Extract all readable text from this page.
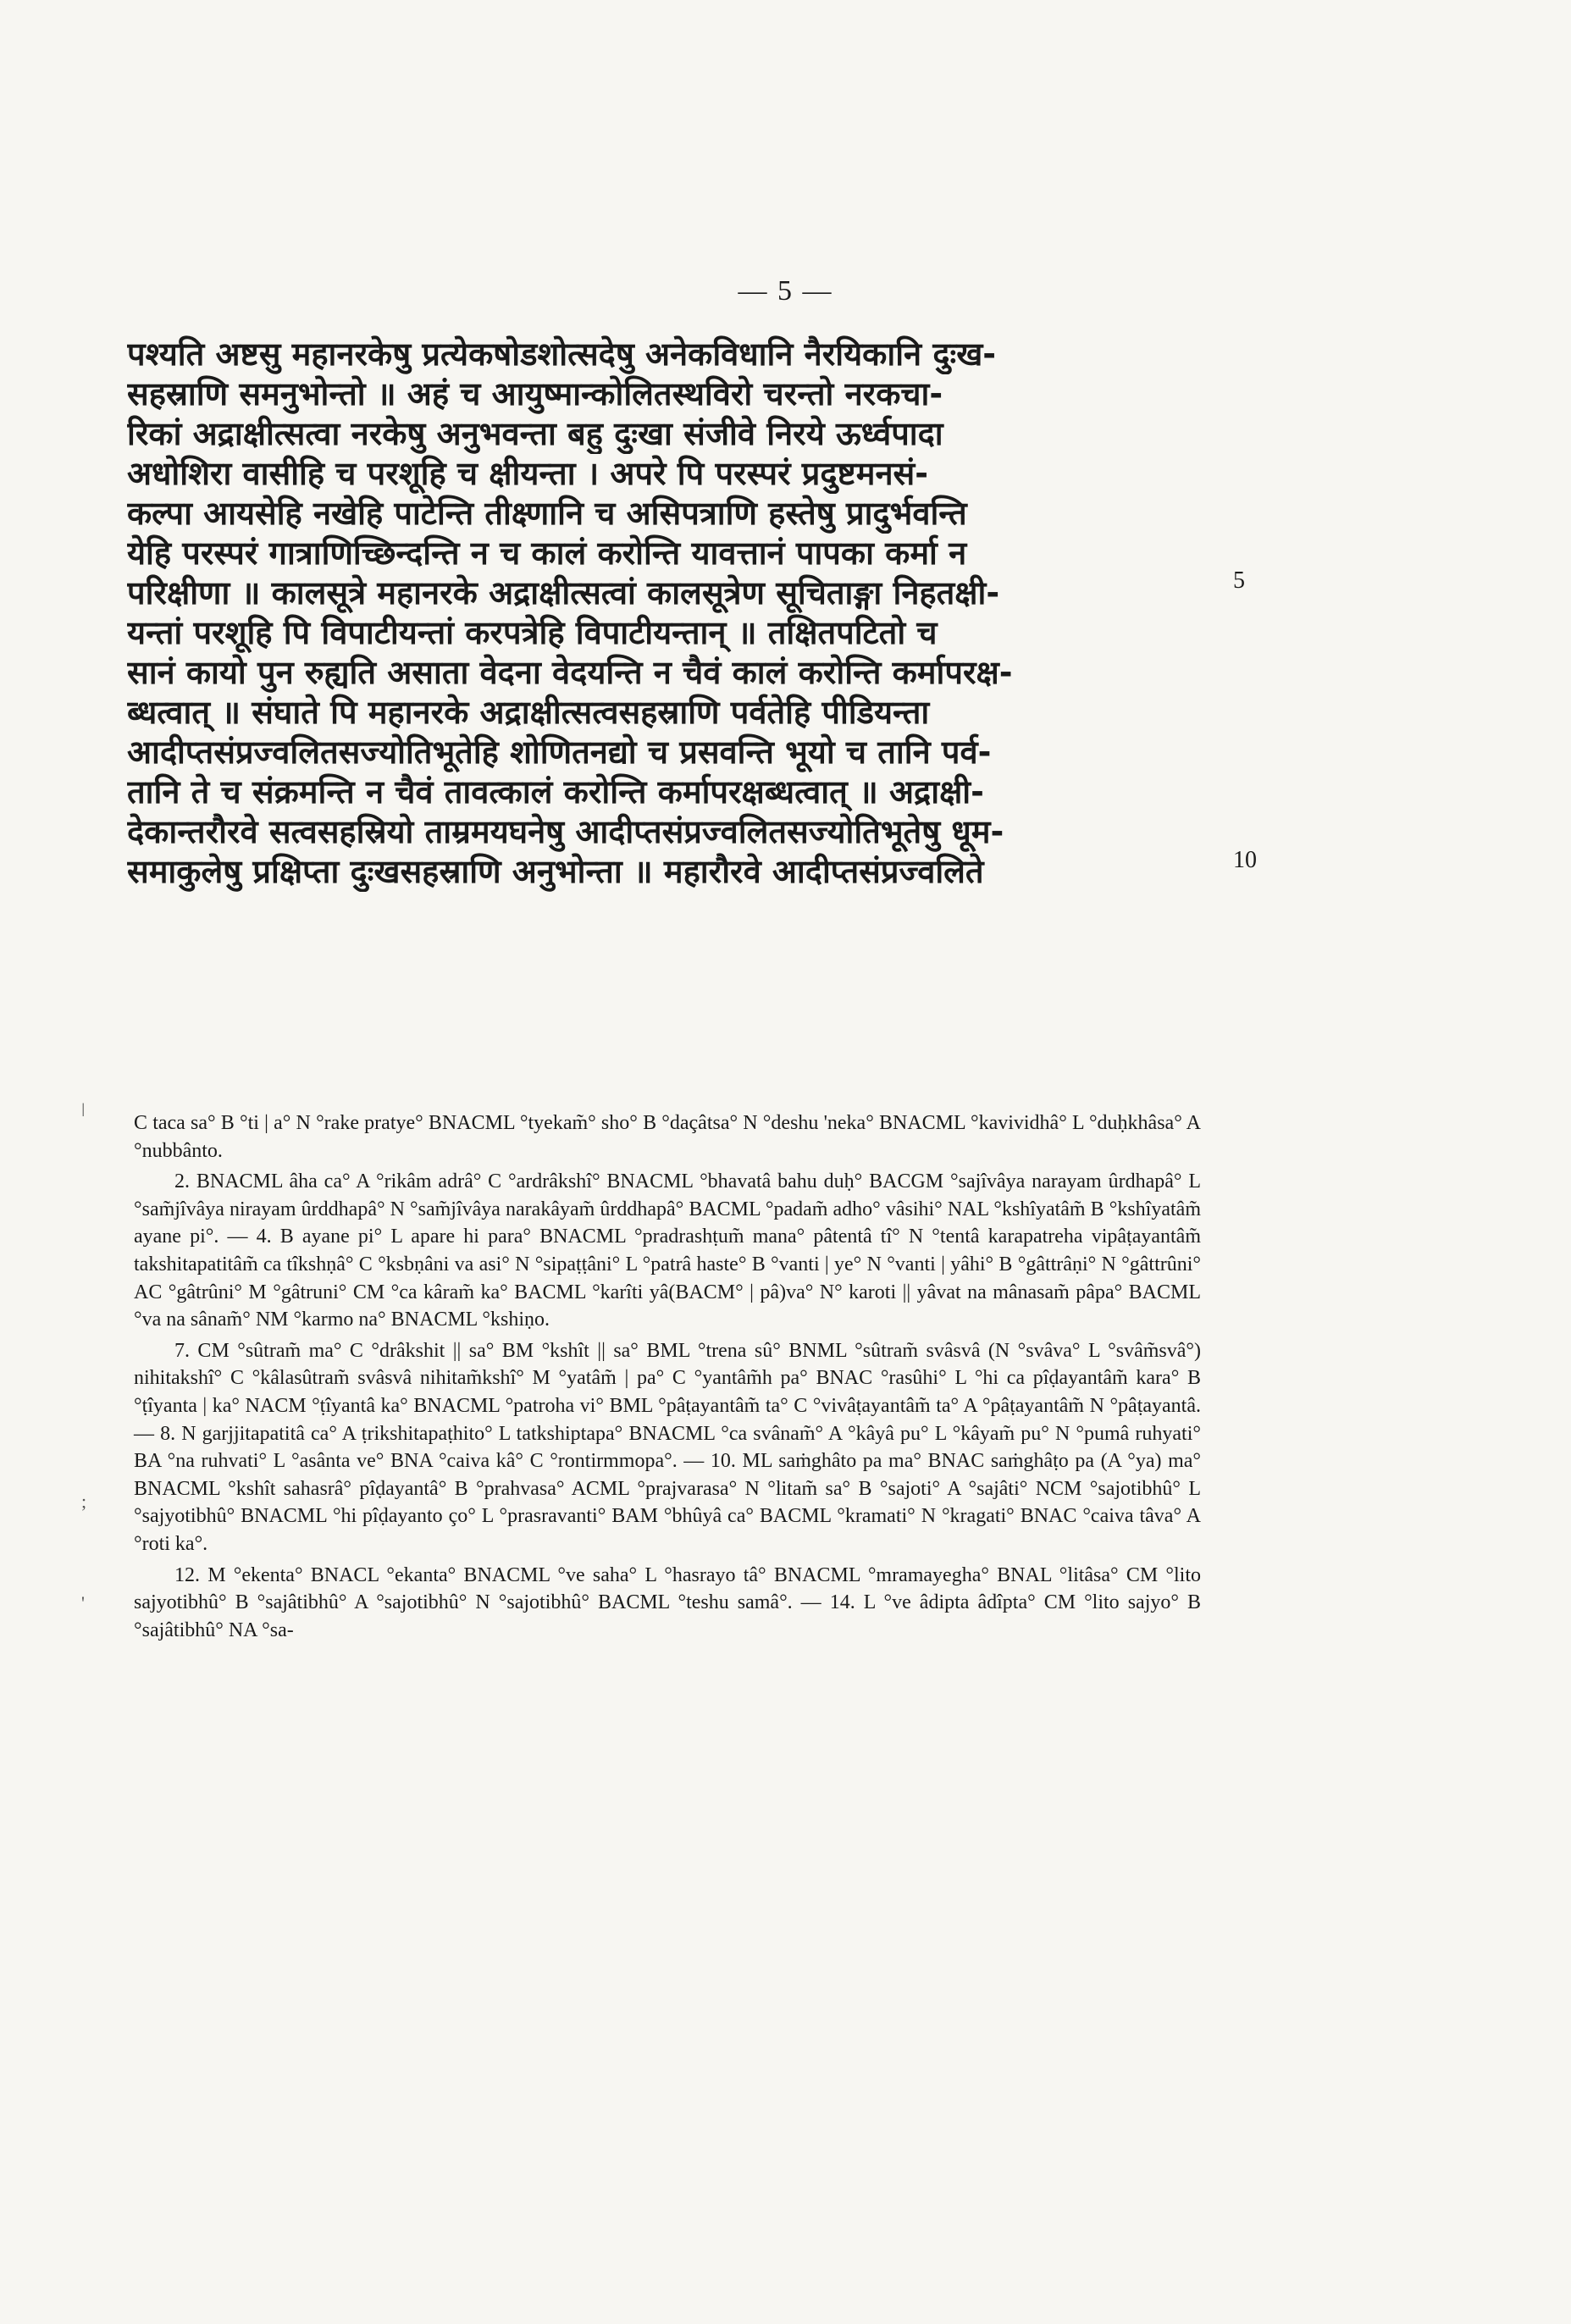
— 5 —
पश्यति अष्टसु महानरकेषु प्रत्येकषोडशोत्सदेषु अनेकविधानि नैरयिकानि दुःख-
सहस्राणि समनुभोन्तो ॥ अहं च आयुष्मान्कोलितस्थविरो चरन्तो नरकचा-
रिकां अद्राक्षीत्सत्वा नरकेषु अनुभवन्ता बहु दुःखा संजीवे निरये ऊर्ध्वपादा
अधोशिरा वासीहि च परशूहि च क्षीयन्ता । अपरे पि परस्परं प्रदुष्टमनसं-
कल्पा आयसेहि नखेहि पाटेन्ति तीक्ष्णानि च असिपत्राणि हस्तेषु प्रादुर्भवन्ति
येहि परस्परं गात्राणिच्छिन्दन्ति न च कालं करोन्ति यावत्तानं पापका कर्मा न
परिक्षीणा ॥ कालसूत्रे महानरके अद्राक्षीत्सत्वां कालसूत्रेण सूचिताङ्गा निहतक्षी-
यन्तां परशूहि पि विपाटीयन्तां करपत्रेहि विपाटीयन्तान् ॥ तक्षितपटितो च
सानं कायो पुन रुह्यति असाता वेदना वेदयन्ति न चैवं कालं करोन्ति कर्मापरक्ष-
ब्धत्वात् ॥ संघाते पि महानरके अद्राक्षीत्सत्वसहस्राणि पर्वतेहि पीडियन्ता
आदीप्तसंप्रज्वलितसज्योतिभूतेहि शोणितनद्यो च प्रसवन्ति भूयो च तानि पर्व-
तानि ते च संक्रमन्ति न चैवं तावत्कालं करोन्ति कर्मापरक्षब्धत्वात् ॥ अद्राक्षी-
देकान्तरौरवे सत्वसहस्रियो ताम्रमयघनेषु आदीप्तसंप्रज्वलितसज्योतिभूतेषु धूम-
समाकुलेषु प्रक्षिप्ता दुःखसहस्राणि अनुभोन्ता ॥ महारौरवे आदीप्तसंप्रज्वलिते
5
10
ǀ
;
'

C taca sa° B °ti | a° N °rake pratye° BNACML °tyekam̃° sho° B °daçâtsa° N °deshu 'neka° BNACML °kavividhâ° L °duḥkhâsa° A °nubbânto.

2. BNACML âha ca° A °rikâm adrâ° C °ardrâkshî° BNACML °bhavatâ bahu duḥ° BACGM °sajîvâya narayam ûrdhapâ° L °sam̃jîvâya nirayam ûrddhapâ° N °sam̃jîvâya narakâyam̃ ûrddhapâ° BACML °padam̃ adho° vâsihi° NAL °kshîyatâm̃ B °kshîyatâm̃ ayane pi°. — 4. B ayane pi° L apare hi para° BNACML °pradrashṭum̃ mana° pâtentâ tî° N °tentâ karapatreha vipâṭayantâm̃ takshitapatitâm̃ ca tîkshṇâ° C °ksbṇâni va asi° N °sipaṭṭâni° L °patrâ haste° B °vanti | ye° N °vanti | yâhi° B °gâttrâṇi° N °gâttrûni° AC °gâtrûni° M °gâtruni° CM °ca kâram̃ ka° BACML °karîti yâ(BACM° | pâ)va° N° karoti || yâvat na mânasam̃ pâpa° BACML °va na sânam̃° NM °karmo na° BNACML °kshiṇo.

7. CM °sûtram̃ ma° C °drâkshit || sa° BM °kshît || sa° BML °trena sû° BNML °sûtram̃ svâsvâ (N °svâva° L °svâm̃svâ°) nihitakshî° C °kâlasûtram̃ svâsvâ nihitam̃kshî° M °yatâm̃ | pa° C °yantâm̃h pa° BNAC °rasûhi° L °hi ca pîḍayantâm̃ kara° B °ṭîyanta | ka° NACM °ṭîyantâ ka° BNACML °patroha vi° BML °pâṭayantâm̃ ta° C °vivâṭayantâm̃ ta° A °pâṭayantâm̃ N °pâṭayantâ. — 8. N garjjitapatitâ ca° A ṭrikshitapaṭhito° L tatkshiptapa° BNACML °ca svânam̃° A °kâyâ pu° L °kâyam̃ pu° N °pumâ ruhyati° BA °na ruhvati° L °asânta ve° BNA °caiva kâ° C °rontirmmopa°. — 10. ML saṁghâto pa ma° BNAC saṁghâṭo pa (A °ya) ma° BNACML °kshît sahasrâ° pîḍayantâ° B °prahvasa° ACML °prajvarasa° N °litam̃ sa° B °sajoti° A °sajâti° NCM °sajotibhû° L °sajyotibhû° BNACML °hi pîḍayanto ço° L °prasravanti° BAM °bhûyâ ca° BACML °kramati° N °kragati° BNAC °caiva tâva° A °roti ka°.

12. M °ekenta° BNACL °ekanta° BNACML °ve saha° L °hasrayo tâ° BNACML °mramayegha° BNAL °litâsa° CM °lito sajyotibhû° B °sajâtibhû° A °sajotibhû° N °sajotibhû° BACML °teshu samâ°. — 14. L °ve âdipta âdîpta° CM °lito sajyo° B °sajâtibhû° NA °sa-
